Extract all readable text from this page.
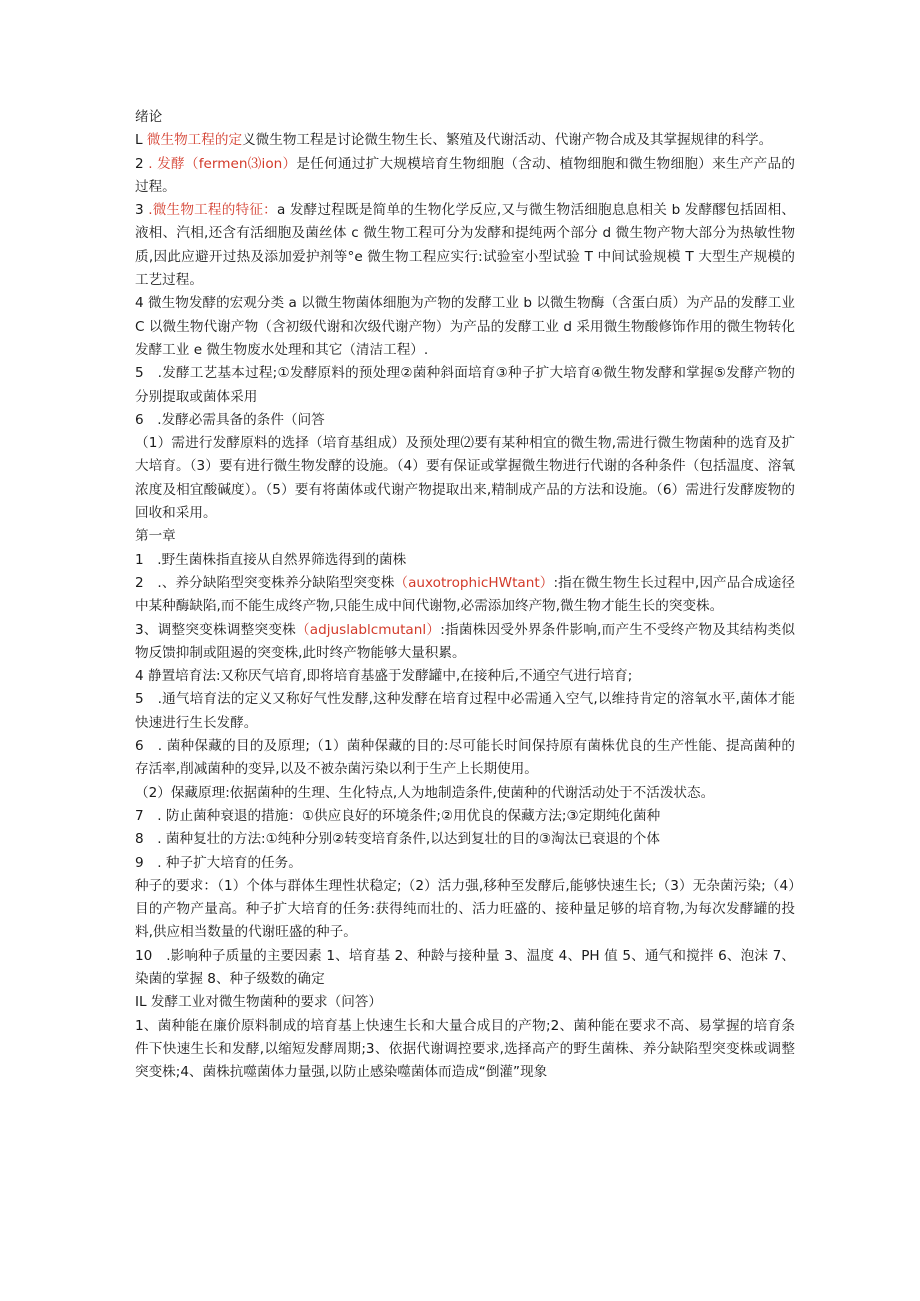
绪论

L 微生物工程的定义微生物工程是讨论微生物生长、繁殖及代谢活动、代谢产物合成及其掌握规律的科学。

2 . 发酵（fermen⑶ion）是任何通过扩大规模培育生物细胞（含动、植物细胞和微生物细胞）来生产产品的过程。

3 .微生物工程的特征：a 发酵过程既是简单的生物化学反应,又与微生物活细胞息息相关 b 发酵醪包括固相、液相、汽相,还含有活细胞及菌丝体 c 微生物工程可分为发酵和提纯两个部分 d 微生物产物大部分为热敏性物质,因此应避开过热及添加爱护剂等°e 微生物工程应实行:试验室小型试验 T 中间试验规模 T 大型生产规模的工艺过程。

4 微生物发酵的宏观分类 a 以微生物菌体细胞为产物的发酵工业 b 以微生物酶（含蛋白质）为产品的发酵工业 C 以微生物代谢产物（含初级代谢和次级代谢产物）为产品的发酵工业 d 采用微生物酸修饰作用的微生物转化发酵工业 e 微生物废水处理和其它（清洁工程）.

5　.发酵工艺基本过程;①发酵原料的预处理②菌种斜面培育③种子扩大培育④微生物发酵和掌握⑤发酵产物的分别提取或菌体采用

6　.发酵必需具备的条件（问答

（1）需进行发酵原料的选择（培育基组成）及预处理⑵要有某种相宜的微生物,需进行微生物菌种的选育及扩大培育。（3）要有进行微生物发酵的设施。（4）要有保证或掌握微生物进行代谢的各种条件（包括温度、溶氧浓度及相宜酸碱度）。（5）要有将菌体或代谢产物提取出来,精制成产品的方法和设施。（6）需进行发酵废物的回收和采用。

第一章

1　.野生菌株指直接从自然界筛选得到的菌株

2　.、养分缺陷型突变株养分缺陷型突变株（auxotrophicHWtant）:指在微生物生长过程中,因产品合成途径中某种酶缺陷,而不能生成终产物,只能生成中间代谢物,必需添加终产物,微生物才能生长的突变株。

3、调整突变株调整突变株（adjuslablcmutanl）:指菌株因受外界条件影响,而产生不受终产物及其结构类似物反馈抑制或阻遏的突变株,此时终产物能够大量积累。

4 静置培育法:又称厌气培育,即将培育基盛于发酵罐中,在接种后,不通空气进行培育;

5　.通气培育法的定义又称好气性发酵,这种发酵在培育过程中必需通入空气,以维持肯定的溶氧水平,菌体才能快速进行生长发酵。

6　. 菌种保藏的目的及原理;（1）菌种保藏的目的:尽可能长时间保持原有菌株优良的生产性能、提高菌种的存活率,削减菌种的变异,以及不被杂菌污染以利于生产上长期使用。

（2）保藏原理:依据菌种的生理、生化特点,人为地制造条件,使菌种的代谢活动处于不活泼状态。

7　. 防止菌种衰退的措施：①供应良好的环境条件;②用优良的保藏方法;③定期纯化菌种

8　. 菌种复壮的方法:①纯种分别②转变培育条件,以达到复壮的目的③淘汰已衰退的个体

9　. 种子扩大培育的任务。

种子的要求：（1）个体与群体生理性状稳定;（2）活力强,移种至发酵后,能够快速生长;（3）无杂菌污染;（4）目的产物产量高。种子扩大培育的任务:获得纯而壮的、活力旺盛的、接种量足够的培育物,为每次发酵罐的投料,供应相当数量的代谢旺盛的种子。

10　.影响种子质量的主要因素 1、培育基 2、种龄与接种量 3、温度 4、PH 值 5、通气和搅拌 6、泡沫 7、染菌的掌握 8、种子级数的确定

IL 发酵工业对微生物菌种的要求（问答）

1、菌种能在廉价原料制成的培育基上快速生长和大量合成目的产物;2、菌种能在要求不高、易掌握的培育条件下快速生长和发酵,以缩短发酵周期;3、依据代谢调控要求,选择高产的野生菌株、养分缺陷型突变株或调整突变株;4、菌株抗噬菌体力量强,以防止感染噬菌体而造成“倒灌”现象
